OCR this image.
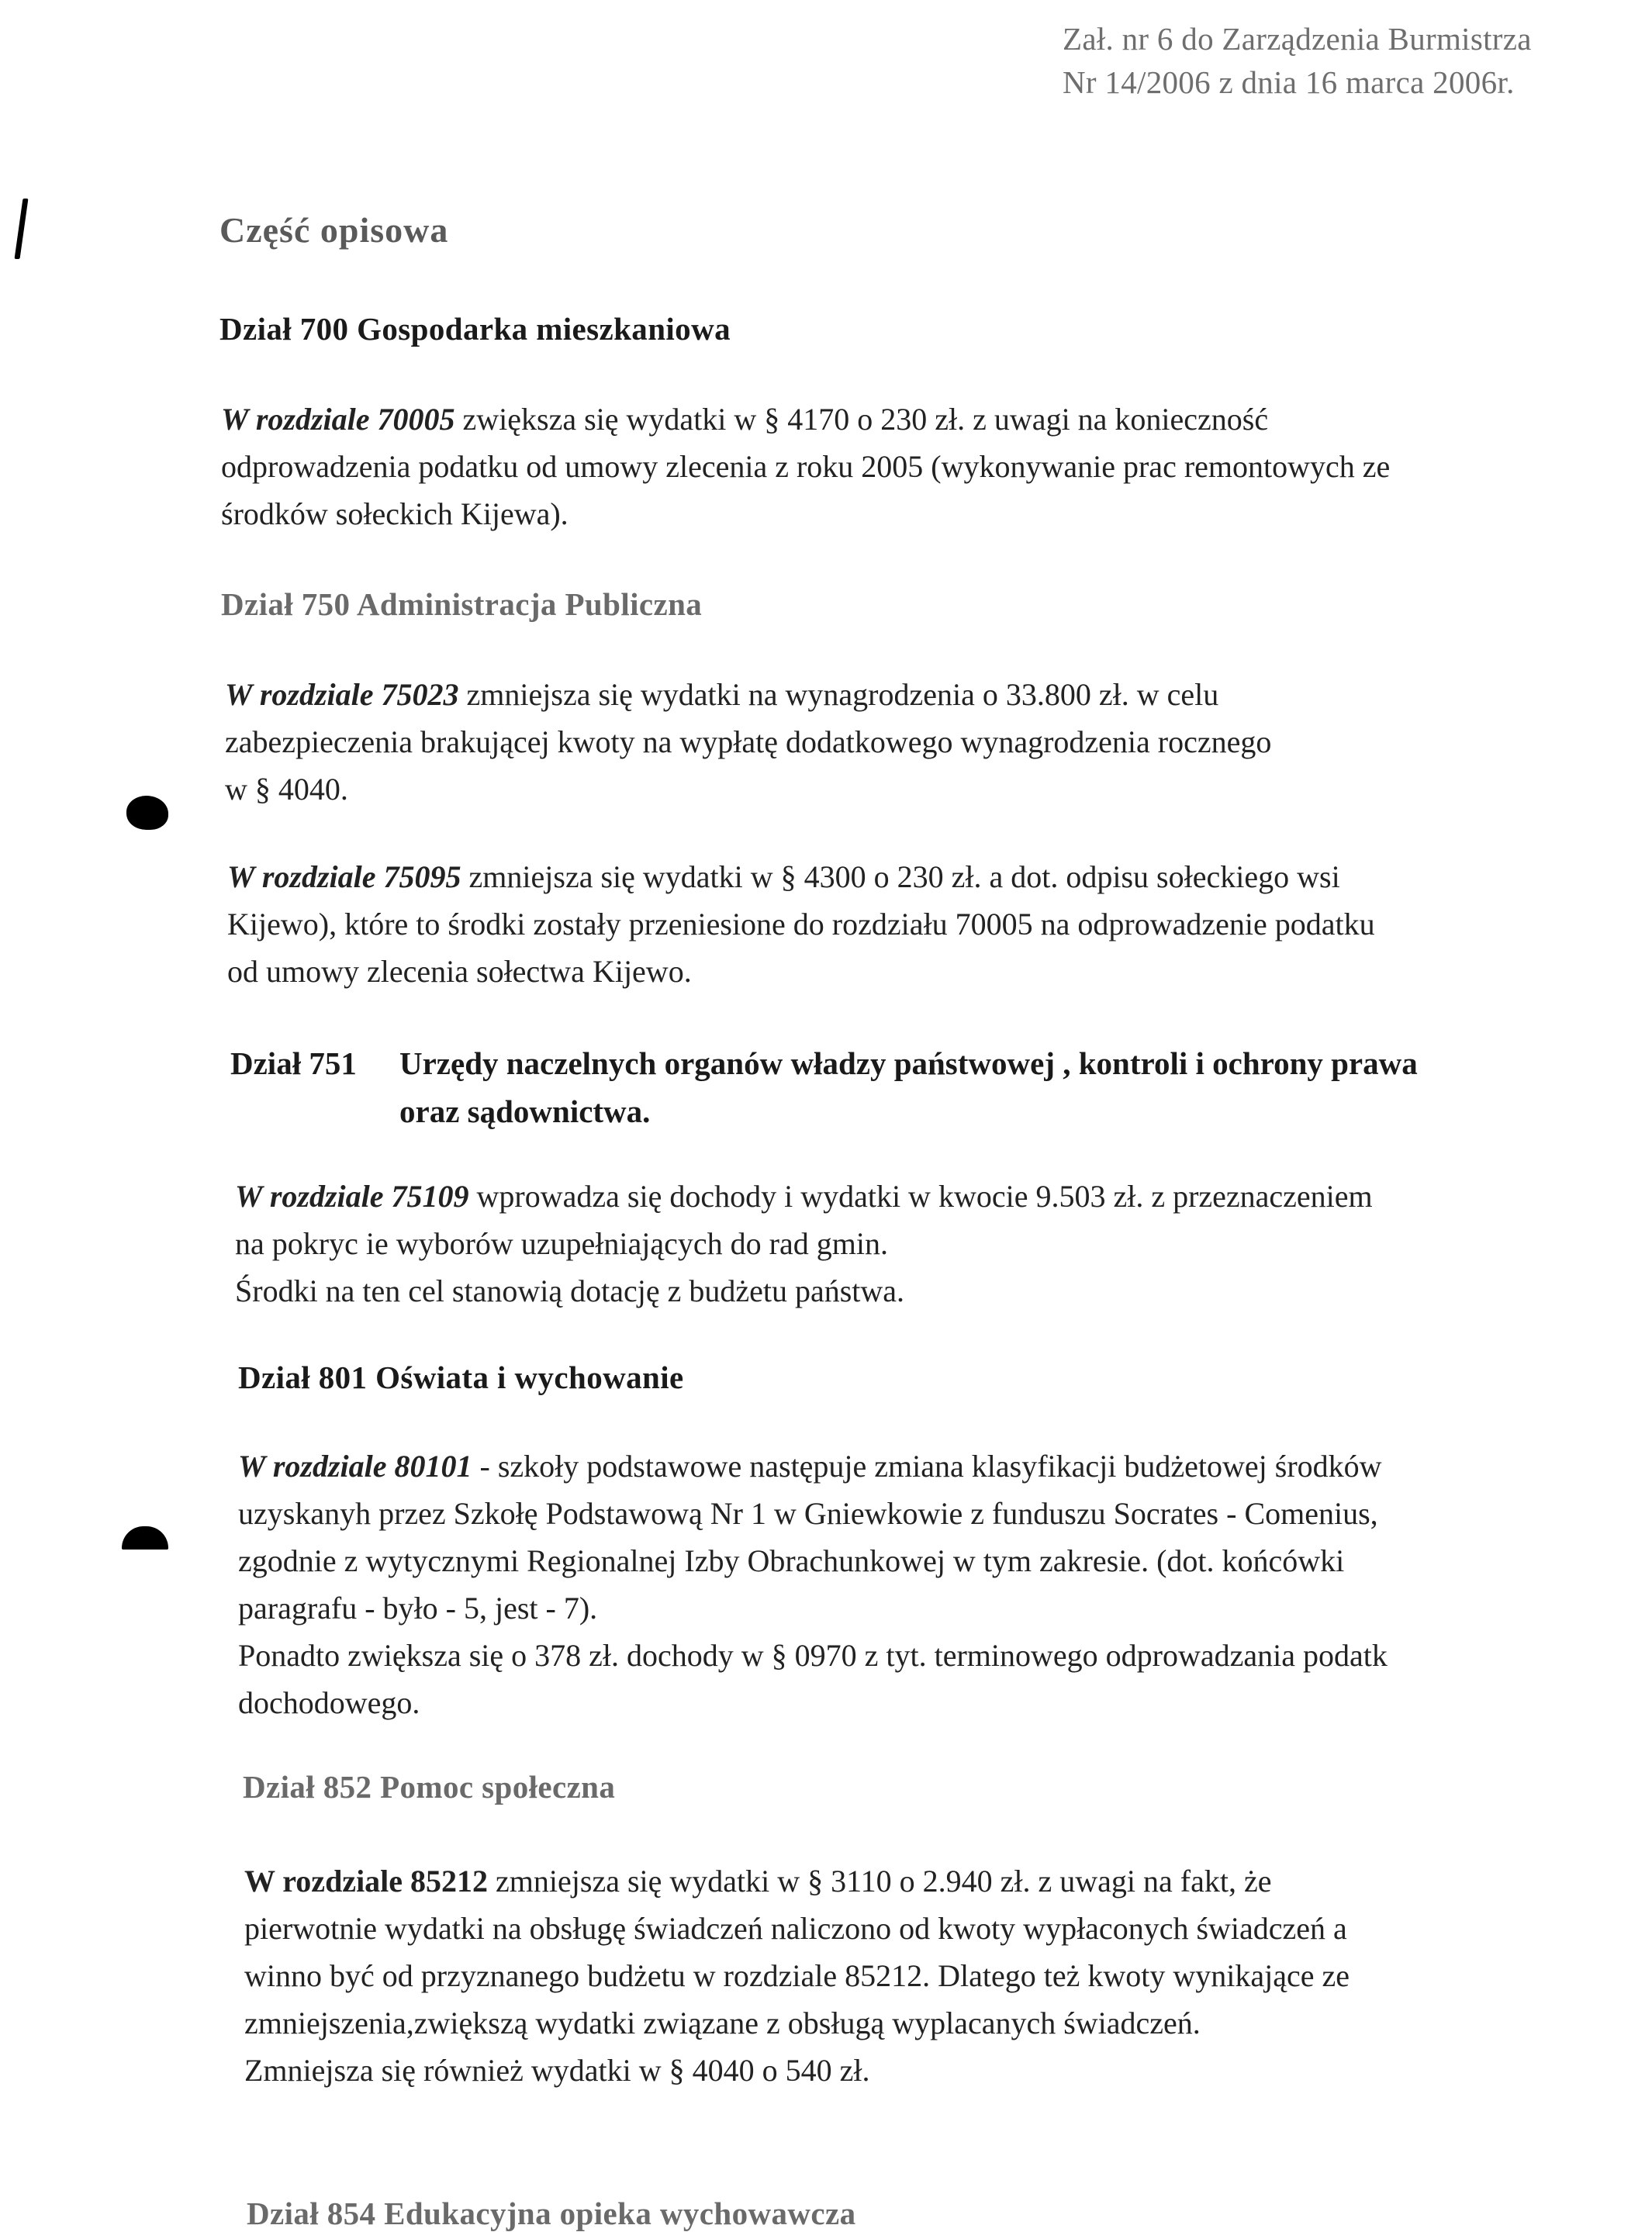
Zał. nr 6 do Zarządzenia Burmistrza
Nr 14/2006 z dnia 16 marca 2006r.
Część opisowa
Dział 700 Gospodarka mieszkaniowa
W rozdziale 70005 zwiększa się wydatki w § 4170 o 230 zł. z uwagi na konieczność
odprowadzenia podatku od umowy zlecenia z roku 2005 (wykonywanie prac remontowych ze
środków sołeckich Kijewa).
Dział 750 Administracja Publiczna
W rozdziale 75023 zmniejsza się wydatki na wynagrodzenia o 33.800 zł. w celu
zabezpieczenia brakującej kwoty na wypłatę dodatkowego wynagrodzenia rocznego
w § 4040.
W rozdziale 75095 zmniejsza się wydatki w § 4300 o 230 zł. a dot. odpisu sołeckiego wsi
Kijewo), które to środki zostały przeniesione do rozdziału 70005 na odprowadzenie podatku
od umowy zlecenia sołectwa Kijewo.
Dział 751 Urzędy naczelnych organów władzy państwowej , kontroli i ochrony prawa
oraz sądownictwa.
W rozdziale 75109 wprowadza się dochody i wydatki w kwocie 9.503 zł. z przeznaczeniem
na pokryc ie wyborów uzupełniających do rad gmin.
Środki na ten cel stanowią dotację z budżetu państwa.
Dział 801 Oświata i wychowanie
W rozdziale 80101 - szkoły podstawowe następuje zmiana klasyfikacji budżetowej środków
uzyskanyh przez Szkołę Podstawową Nr 1 w Gniewkowie z funduszu Socrates - Comenius,
zgodnie z wytycznymi Regionalnej Izby Obrachunkowej w tym zakresie. (dot. końcówki
paragrafu - było - 5, jest - 7).
Ponadto zwiększa się o 378 zł. dochody w § 0970 z tyt. terminowego odprowadzania podatk
dochodowego.
Dział 852 Pomoc społeczna
W rozdziale 85212 zmniejsza się wydatki w § 3110 o 2.940 zł. z uwagi na fakt, że
pierwotnie wydatki na obsługę świadczeń naliczono od kwoty wypłaconych świadczeń a
winno być od przyznanego budżetu w rozdziale 85212. Dlatego też kwoty wynikające ze
zmniejszenia,zwiększą wydatki związane z obsługą wyplacanych świadczeń.
Zmniejsza się również wydatki w § 4040 o 540 zł.
Dział 854 Edukacyjna opieka wychowawcza
